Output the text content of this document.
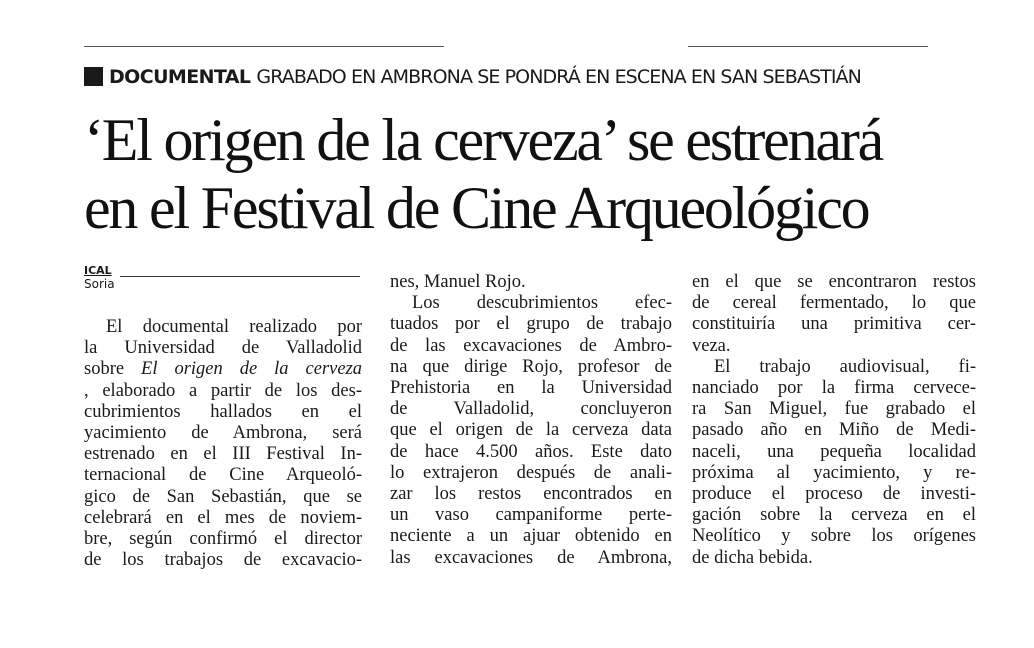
DOCUMENTAL GRABADO EN AMBRONA SE PONDRÁ EN ESCENA EN SAN SEBASTIÁN
‘El origen de la cerveza’ se estrenará
en el Festival de Cine Arqueológico
ICAL
Soria
El documental realizado por
la Universidad de Valladolid
sobre El origen de la cerveza
, elaborado a partir de los des-
cubrimientos hallados en el
yacimiento de Ambrona, será
estrenado en el III Festival In-
ternacional de Cine Arqueoló-
gico de San Sebastián, que se
celebrará en el mes de noviem-
bre, según confirmó el director
de los trabajos de excavacio-
nes, Manuel Rojo.
Los descubrimientos efec-
tuados por el grupo de trabajo
de las excavaciones de Ambro-
na que dirige Rojo, profesor de
Prehistoria en la Universidad
de Valladolid, concluyeron
que el origen de la cerveza data
de hace 4.500 años. Este dato
lo extrajeron después de anali-
zar los restos encontrados en
un vaso campaniforme perte-
neciente a un ajuar obtenido en
las excavaciones de Ambrona,
en el que se encontraron restos
de cereal fermentado, lo que
constituiría una primitiva cer-
veza.
El trabajo audiovisual, fi-
nanciado por la firma cervece-
ra San Miguel, fue grabado el
pasado año en Miño de Medi-
naceli, una pequeña localidad
próxima al yacimiento, y re-
produce el proceso de investi-
gación sobre la cerveza en el
Neolítico y sobre los orígenes
de dicha bebida.
